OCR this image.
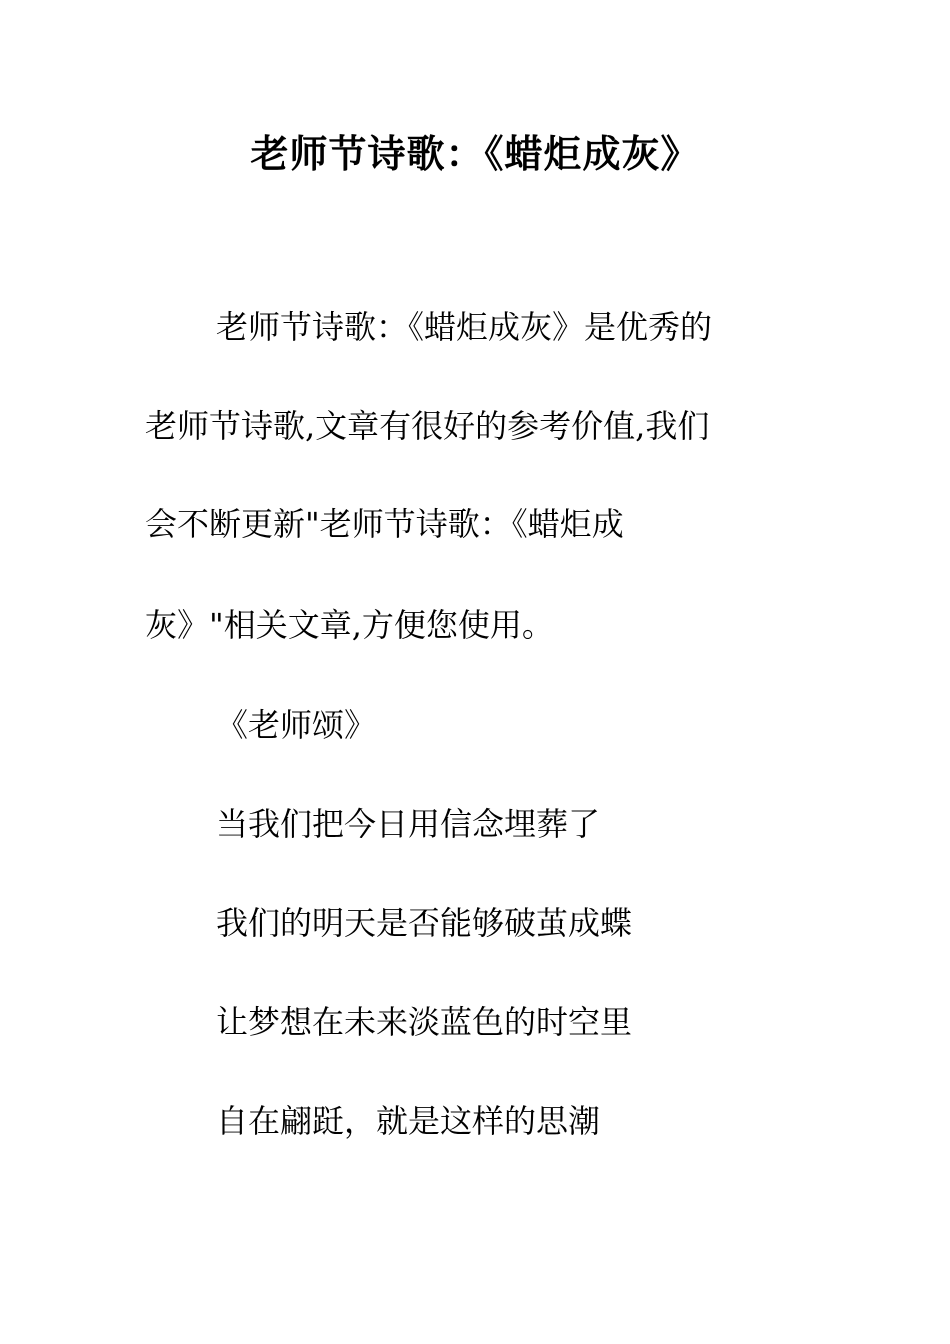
老师节诗歌：《蜡炬成灰》
老师节诗歌：《蜡炬成灰》是优秀的
老师节诗歌,文章有很好的参考价值,我们
会不断更新"老师节诗歌：《蜡炬成
灰》"相关文章,方便您使用。
《老师颂》
当我们把今日用信念埋葬了
我们的明天是否能够破茧成蝶
让梦想在未来淡蓝色的时空里
自在翩跹，就是这样的思潮
